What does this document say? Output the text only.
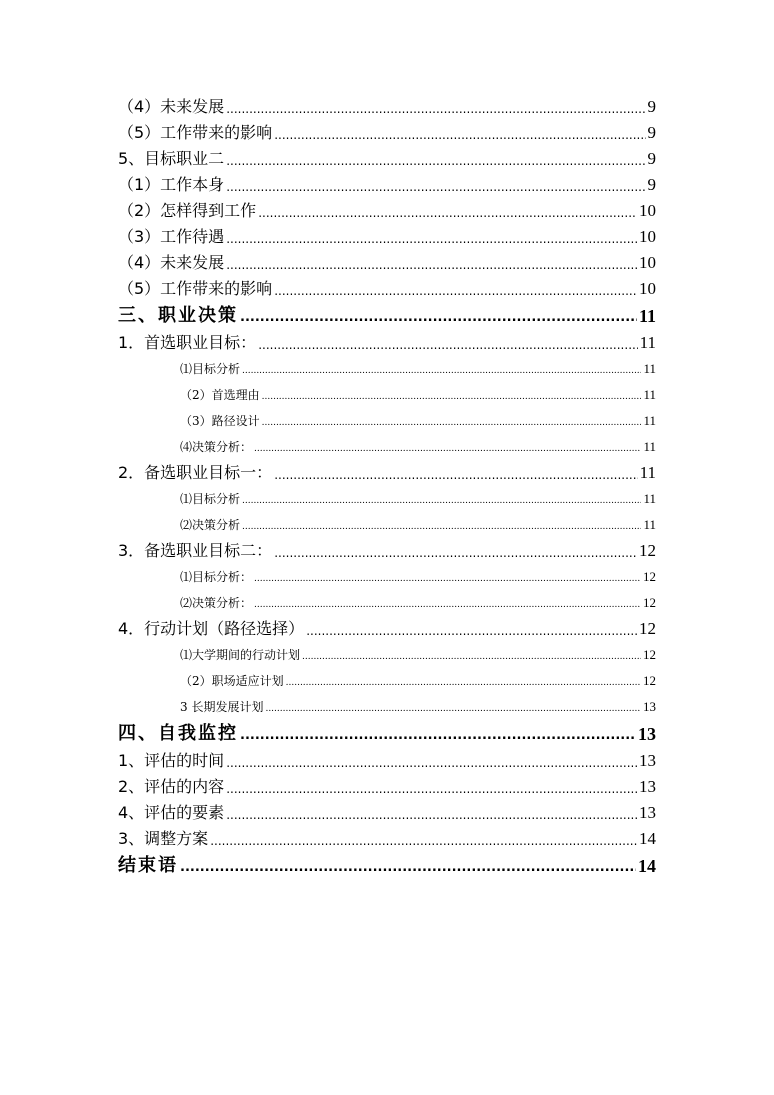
（4）未来发展 .....	9
（5）工作带来的影响 .....	9
5、目标职业二 .....	9
（1）工作本身 .....	9
（2）怎样得到工作 .....	10
（3）工作待遇 .....	10
（4）未来发展 .....	10
（5）工作带来的影响 .....	10
三、职业决策 .....	11
1．首选职业目标： .....	11
⑴目标分析 .....	11
（2）首选理由 .....	11
（3）路径设计 .....	11
⑷决策分析： .....	11
2．备选职业目标一： .....	11
⑴目标分析 .....	11
⑵决策分析 .....	11
3．备选职业目标二： .....	12
⑴目标分析： .....	12
⑵决策分析： .....	12
4．行动计划（路径选择） .....	12
⑴大学期间的行动计划 .....	12
（2）职场适应计划 .....	12
3 长期发展计划 .....	13
四、自我监控 .....	13
1、评估的时间 .....	13
2、评估的内容 .....	13
4、评估的要素 .....	13
3、调整方案 .....	14
结束语 .....	14
